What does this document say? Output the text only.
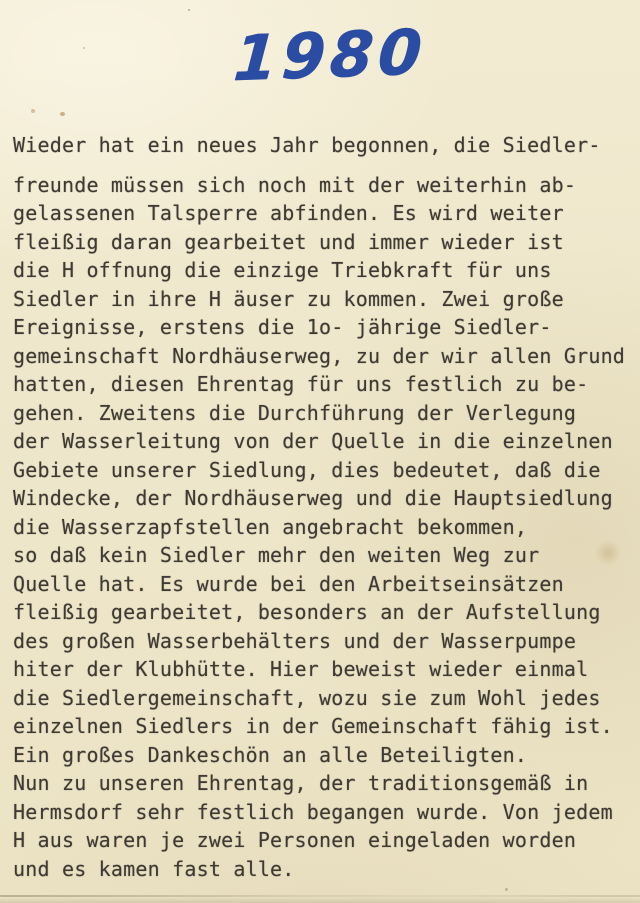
1980
Wieder hat ein neues Jahr begonnen, die Siedler-
freunde müssen sich noch mit der weiterhin ab-
gelassenen Talsperre abfinden. Es wird weiter
fleißig daran gearbeitet und immer wieder ist
die H offnung die einzige Triebkraft für uns
Siedler in ihre H äuser zu kommen. Zwei große
Ereignisse, erstens die 1o- jährige Siedler-
gemeinschaft Nordhäuserweg, zu der wir allen Grund
hatten, diesen Ehrentag für uns festlich zu be-
gehen. Zweitens die Durchführung der Verlegung
der Wasserleitung von der Quelle in die einzelnen
Gebiete unserer Siedlung, dies bedeutet, daß die
Windecke, der Nordhäuserweg und die Hauptsiedlung
die Wasserzapfstellen angebracht bekommen,
so daß kein Siedler mehr den weiten Weg zur
Quelle hat. Es wurde bei den Arbeitseinsätzen
fleißig gearbeitet, besonders an der Aufstellung
des großen Wasserbehälters und der Wasserpumpe
hiter der Klubhütte. Hier beweist wieder einmal
die Siedlergemeinschaft, wozu sie zum Wohl jedes
einzelnen Siedlers in der Gemeinschaft fähig ist.
Ein großes Dankeschön an alle Beteiligten.
Nun zu unseren Ehrentag, der traditionsgemäß in
Hermsdorf sehr festlich begangen wurde. Von jedem
H aus waren je zwei Personen eingeladen worden
und es kamen fast alle.
